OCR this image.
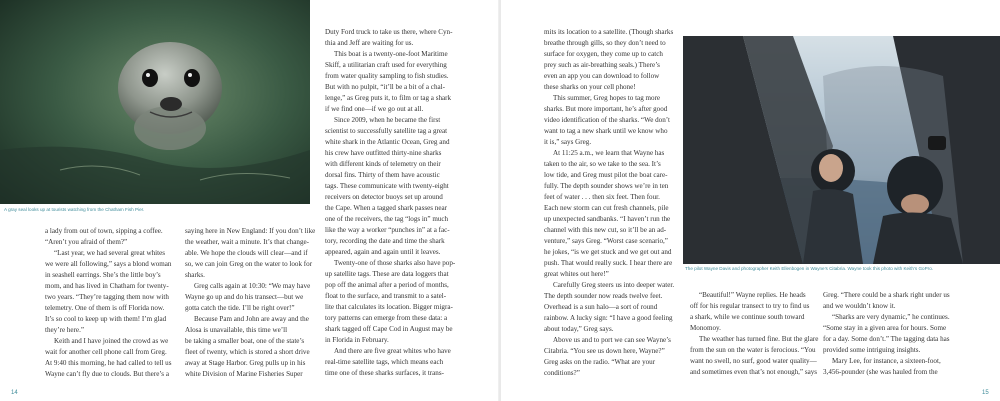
A gray seal looks up at tourists watching from the Chatham Fish Pier.

a lady from out of town, sipping a coffee.

“Aren’t you afraid of them?”

“Last year, we had several great whites

we were all following,” says a blond woman

in seashell earrings. She’s the little boy’s

mom, and has lived in Chatham for twenty-

two years. “They’re tagging them now with

telemetry. One of them is off Florida now.

It’s so cool to keep up with them! I’m glad

they’re here.”

Keith and I have joined the crowd as we

wait for another cell phone call from Greg.

At 9:40 this morning, he had called to tell us

Wayne can’t fly due to clouds. But there’s a

saying here in New England: If you don’t like

the weather, wait a minute. It’s that change-

able. We hope the clouds will clear—and if

so, we can join Greg on the water to look for

sharks.

Greg calls again at 10:30: “We may have

Wayne go up and do his transect—but we

gotta catch the tide. I’ll be right over!”

Because Pam and John are away and the

Alosa is unavailable, this time we’ll

be taking a smaller boat, one of the state’s

fleet of twenty, which is stored a short drive

away at Stage Harbor. Greg pulls up in his

white Division of Marine Fisheries Super

Duty Ford truck to take us there, where Cyn-

thia and Jeff are waiting for us.

This boat is a twenty-one-foot Maritime

Skiff, a utilitarian craft used for everything

from water quality sampling to fish studies.

But with no pulpit, “it’ll be a bit of a chal-

lenge,” as Greg puts it, to film or tag a shark

if we find one—if we go out at all.

Since 2009, when he became the first

scientist to successfully satellite tag a great

white shark in the Atlantic Ocean, Greg and

his crew have outfitted thirty-nine sharks

with different kinds of telemetry on their

dorsal fins. Thirty of them have acoustic

tags. These communicate with twenty-eight

receivers on detector buoys set up around

the Cape. When a tagged shark passes near

one of the receivers, the tag “logs in” much

like the way a worker “punches in” at a fac-

tory, recording the date and time the shark

appeared, again and again until it leaves.

Twenty-one of those sharks also have pop-

up satellite tags. These are data loggers that

pop off the animal after a period of months,

float to the surface, and transmit to a satel-

lite that calculates its location. Bigger migra-

tory patterns can emerge from these data: a

shark tagged off Cape Cod in August may be

in Florida in February.

And there are five great whites who have

real-time satellite tags, which means each

time one of these sharks surfaces, it trans-

14

mits its location to a satellite. (Though sharks

breathe through gills, so they don’t need to

surface for oxygen, they come up to catch

prey such as air-breathing seals.) There’s

even an app you can download to follow

these sharks on your cell phone!

This summer, Greg hopes to tag more

sharks. But more important, he’s after good

video identification of the sharks. “We don’t

want to tag a new shark until we know who

it is,” says Greg.

At 11:25 a.m., we learn that Wayne has

taken to the air, so we take to the sea. It’s

low tide, and Greg must pilot the boat care-

fully. The depth sounder shows we’re in ten

feet of water . . . then six feet. Then four.

Each new storm can cut fresh channels, pile

up unexpected sandbanks. “I haven’t run the

channel with this new cut, so it’ll be an ad-

venture,” says Greg. “Worst case scenario,”

he jokes, “is we get stuck and we get out and

push. That would really suck. I hear there are

great whites out here!”

Carefully Greg steers us into deeper water.

The depth sounder now reads twelve feet.

Overhead is a sun halo—a sort of round

rainbow. A lucky sign: “I have a good feeling

about today,” Greg says.

Above us and to port we can see Wayne’s

Citabria. “You see us down here, Wayne?”

Greg asks on the radio. “What are your

conditions?”

The pilot Wayne Davis and photographer Keith Ellenbogen in Wayne’s Citabria. Wayne took this photo with Keith’s GoPro.

“Beautiful!” Wayne replies. He heads

off for his regular transect to try to find us

a shark, while we continue south toward

Monomoy.

The weather has turned fine. But the glare

from the sun on the water is ferocious. “You

want no swell, no surf, good water quality—

and sometimes even that’s not enough,” says

Greg. “There could be a shark right under us

and we wouldn’t know it.

“Sharks are very dynamic,” he continues.

“Some stay in a given area for hours. Some

for a day. Some don’t.” The tagging data has

provided some intriguing insights.

Mary Lee, for instance, a sixteen-foot,

3,456-pounder (she was hauled from the

15
